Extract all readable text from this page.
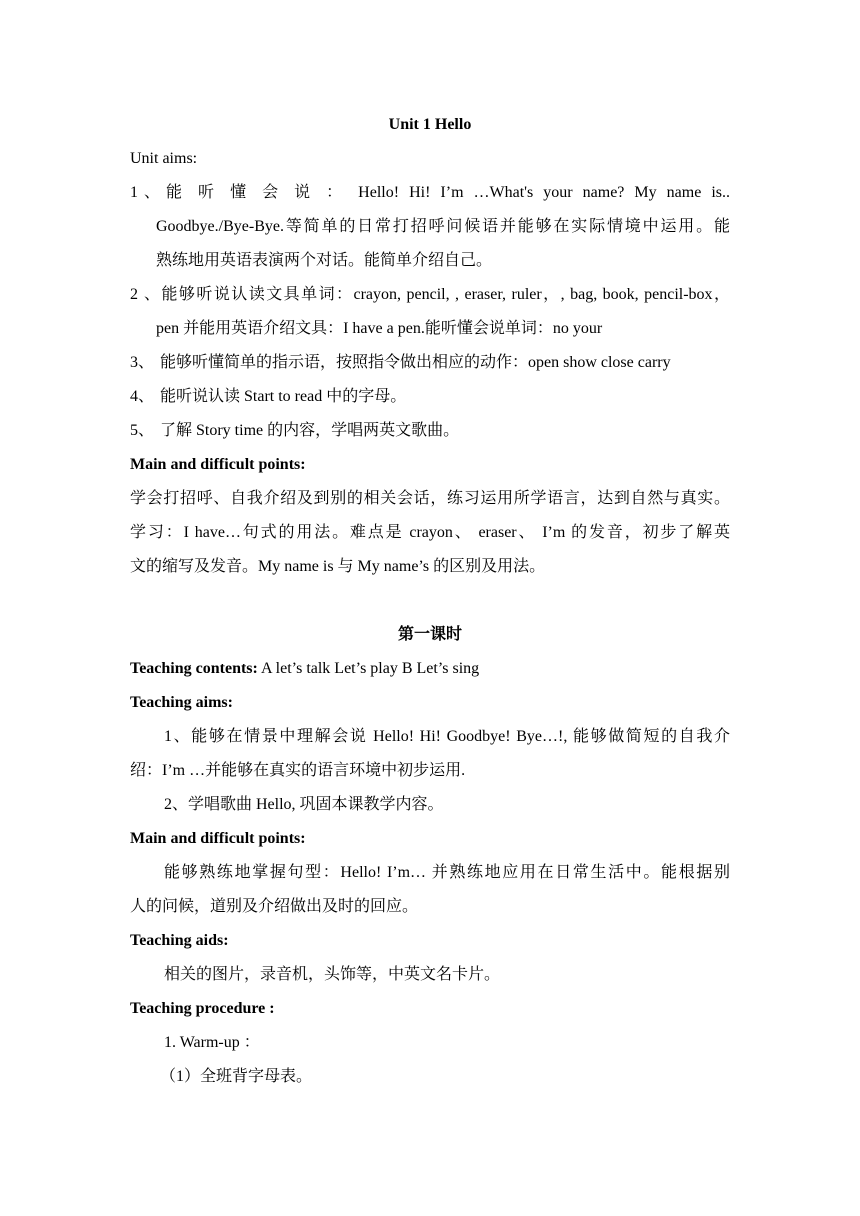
Unit 1 Hello
Unit aims:
1、能 听 懂 会 说 ： Hello! Hi! I’m …What's your name? My name is..
Goodbye./Bye-Bye.等简单的日常打招呼问候语并能够在实际情境中运用。能
熟练地用英语表演两个对话。能简单介绍自己。
2、能够听说认读文具单词：crayon, pencil, , eraser, ruler，, bag, book, pencil-box，
pen 并能用英语介绍文具：I have a pen.能听懂会说单词：no your
3、 能够听懂简单的指示语，按照指令做出相应的动作：open show close carry
4、 能听说认读 Start to read 中的字母。
5、 了解 Story time 的内容，学唱两英文歌曲。
Main and difficult points:
学会打招呼、自我介绍及到别的相关会话，练习运用所学语言，达到自然与真实。
学习：I have…句式的用法。难点是 crayon、 eraser、 I’m 的发音，初步了解英
文的缩写及发音。My name is 与 My name’s 的区别及用法。
第一课时
Teaching contents: A let’s talk Let’s play B Let’s sing
Teaching aims:
1、能够在情景中理解会说 Hello! Hi! Goodbye! Bye…!, 能够做简短的自我介
绍：I’m …并能够在真实的语言环境中初步运用.
2、学唱歌曲 Hello, 巩固本课教学内容。
Main and difficult points:
能够熟练地掌握句型：Hello! I’m… 并熟练地应用在日常生活中。能根据别
人的问候，道别及介绍做出及时的回应。
Teaching aids:
相关的图片，录音机，头饰等，中英文名卡片。
Teaching procedure :
1. Warm-up ：
（1）全班背字母表。
